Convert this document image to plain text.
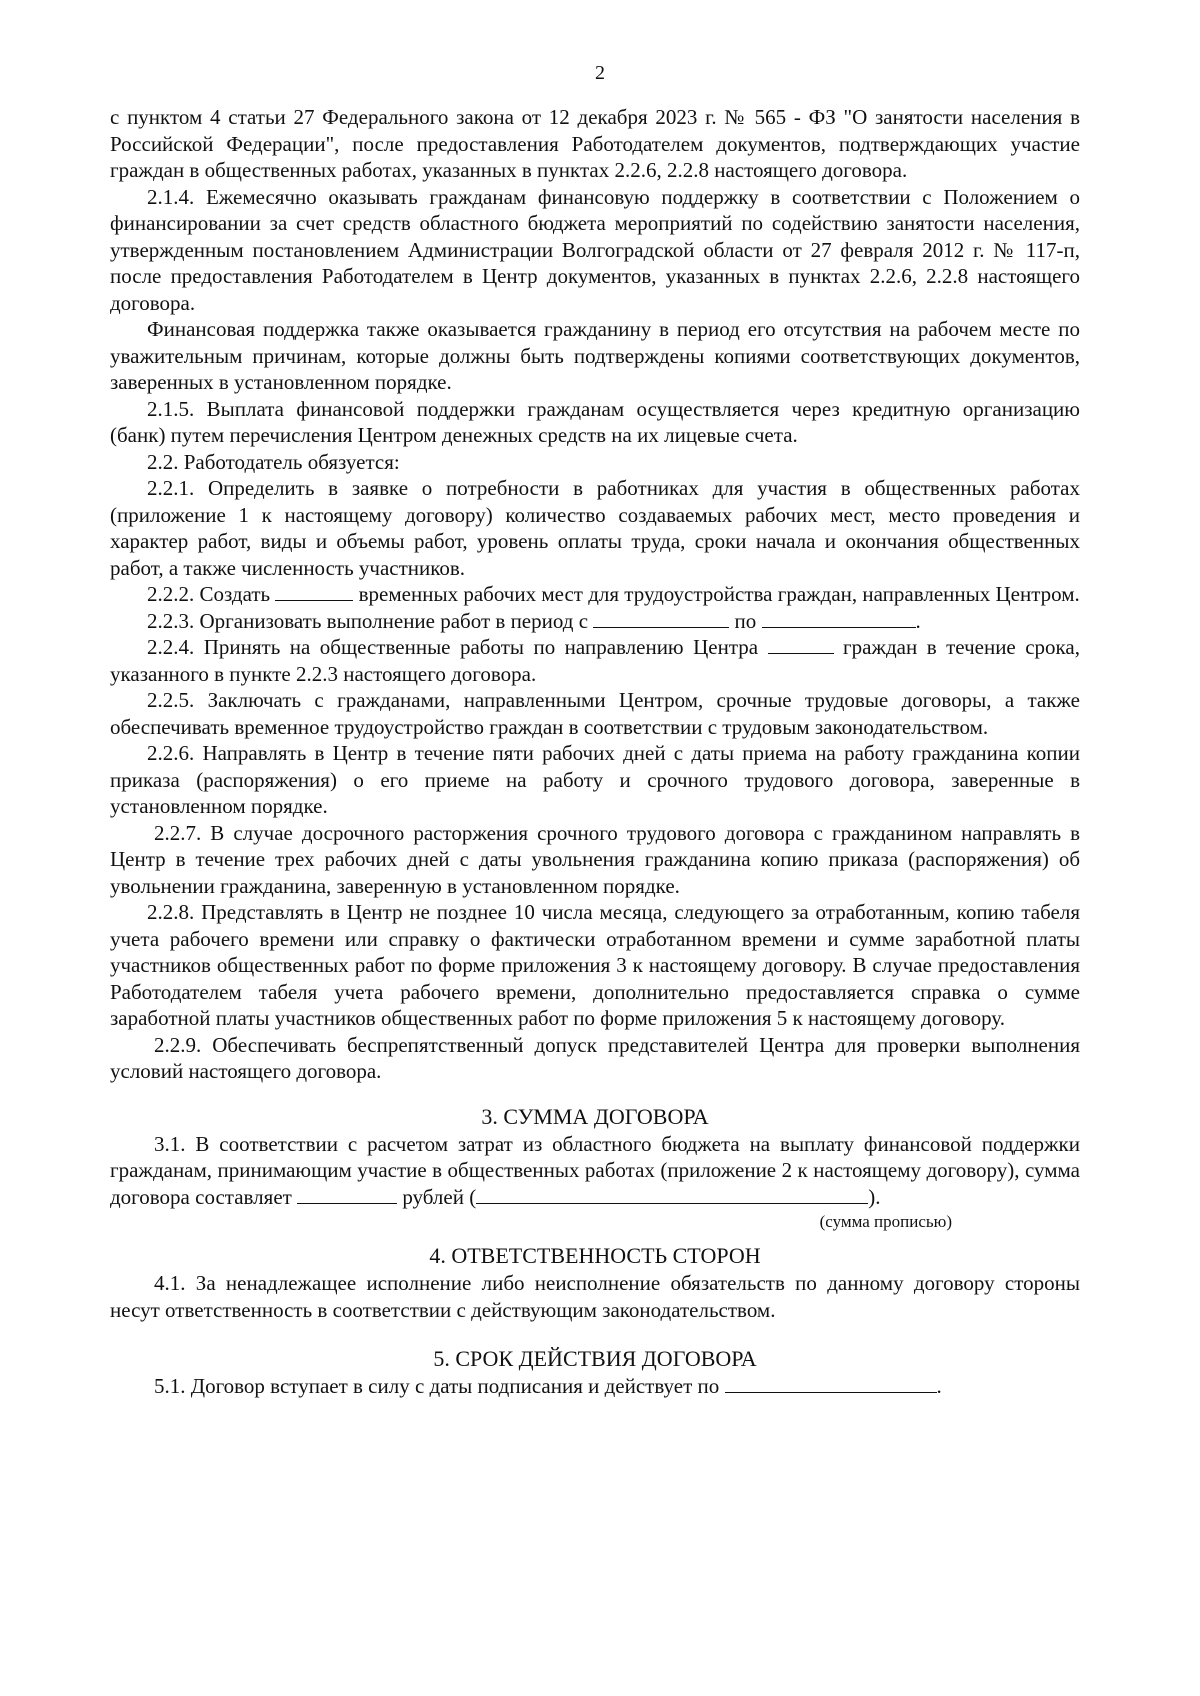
2

с пунктом 4 статьи 27 Федерального закона от 12 декабря 2023 г. № 565 - ФЗ "О занятости населения в Российской Федерации", после предоставления Работодателем документов, подтверждающих участие граждан в общественных работах, указанных в пунктах 2.2.6, 2.2.8 настоящего договора.

2.1.4. Ежемесячно оказывать гражданам финансовую поддержку в соответствии с Положением о финансировании за счет средств областного бюджета мероприятий по содействию занятости населения, утвержденным постановлением Администрации Волгоградской области от 27 февраля 2012 г. № 117-п, после предоставления Работодателем в Центр документов, указанных в пунктах 2.2.6, 2.2.8 настоящего договора.

Финансовая поддержка также оказывается гражданину в период его отсутствия на рабочем месте по уважительным причинам, которые должны быть подтверждены копиями соответствующих документов, заверенных в установленном порядке.

2.1.5. Выплата финансовой поддержки гражданам осуществляется через кредитную организацию (банк) путем перечисления Центром денежных средств на их лицевые счета.

2.2. Работодатель обязуется:

2.2.1. Определить в заявке о потребности в работниках для участия в общественных работах (приложение 1 к настоящему договору) количество создаваемых рабочих мест, место проведения и характер работ, виды и объемы работ, уровень оплаты труда, сроки начала и окончания общественных работ, а также численность участников.

2.2.2. Создать	временных рабочих мест для трудоустройства граждан, направленных Центром.

2.2.3. Организовать выполнение работ в период с	по	.

2.2.4. Принять на общественные работы по направлению Центра	граждан в течение срока, указанного в пункте 2.2.3 настоящего договора.

2.2.5. Заключать с гражданами, направленными Центром, срочные трудовые договоры, а также обеспечивать временное трудоустройство граждан в соответствии с трудовым законодательством.

2.2.6. Направлять в Центр в течение пяти рабочих дней с даты приема на работу гражданина копии приказа (распоряжения) о его приеме на работу и срочного трудового договора, заверенные в установленном порядке.

2.2.7. В случае досрочного расторжения срочного трудового договора с гражданином направлять в Центр в течение трех рабочих дней с даты увольнения гражданина копию приказа (распоряжения) об увольнении гражданина, заверенную в установленном порядке.

2.2.8. Представлять в Центр не позднее 10 числа месяца, следующего за отработанным, копию табеля учета рабочего времени или справку о фактически отработанном времени и сумме заработной платы участников общественных работ по форме приложения 3 к настоящему договору. В случае предоставления Работодателем табеля учета рабочего времени, дополнительно предоставляется справка о сумме заработной платы участников общественных работ по форме приложения 5 к настоящему договору.

2.2.9. Обеспечивать беспрепятственный допуск представителей Центра для проверки выполнения условий настоящего договора.

3. СУММА ДОГОВОРА

3.1. В соответствии с расчетом затрат из областного бюджета на выплату финансовой поддержки гражданам, принимающим участие в общественных работах (приложение 2 к настоящему договору), сумма договора составляет	рублей (	).

(сумма прописью)

4. ОТВЕТСТВЕННОСТЬ СТОРОН

4.1. За ненадлежащее исполнение либо неисполнение обязательств по данному договору стороны несут ответственность в соответствии с действующим законодательством.

5. СРОК ДЕЙСТВИЯ ДОГОВОРА

5.1. Договор вступает в силу с даты подписания и действует по	.
